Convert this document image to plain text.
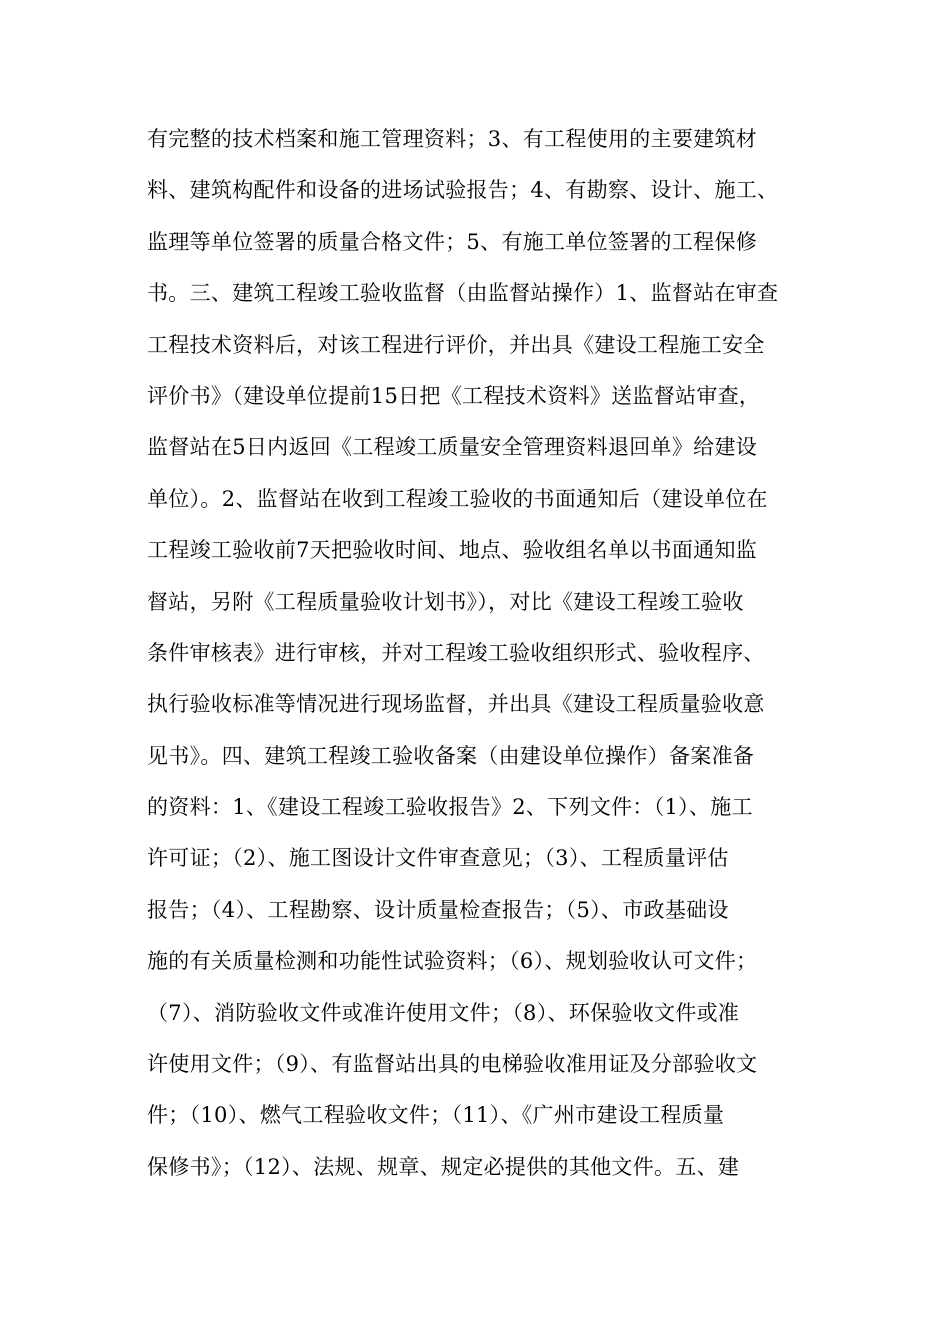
有完整的技术档案和施工管理资料；3、有工程使用的主要建筑材
料、建筑构配件和设备的进场试验报告；4、有勘察、设计、施工、
监理等单位签署的质量合格文件；5、有施工单位签署的工程保修
书。三、建筑工程竣工验收监督（由监督站操作）1、监督站在审查
工程技术资料后，对该工程进行评价，并出具《建设工程施工安全
评价书》（建设单位提前15日把《工程技术资料》送监督站审查，
监督站在5日内返回《工程竣工质量安全管理资料退回单》给建设
单位）。2、监督站在收到工程竣工验收的书面通知后（建设单位在
工程竣工验收前7天把验收时间、地点、验收组名单以书面通知监
督站，另附《工程质量验收计划书》），对比《建设工程竣工验收
条件审核表》进行审核，并对工程竣工验收组织形式、验收程序、
执行验收标准等情况进行现场监督，并出具《建设工程质量验收意
见书》。四、建筑工程竣工验收备案（由建设单位操作）备案准备
的资料：1、《建设工程竣工验收报告》2、下列文件：（1）、施工
许可证；（2）、施工图设计文件审查意见；（3）、工程质量评估
报告；（4）、工程勘察、设计质量检查报告；（5）、市政基础设
施的有关质量检测和功能性试验资料；（6）、规划验收认可文件；
（7）、消防验收文件或准许使用文件；（8）、环保验收文件或准
许使用文件；（9）、有监督站出具的电梯验收准用证及分部验收文
件；（10）、燃气工程验收文件；（11）、《广州市建设工程质量
保修书》；（12）、法规、规章、规定必提供的其他文件。五、建
